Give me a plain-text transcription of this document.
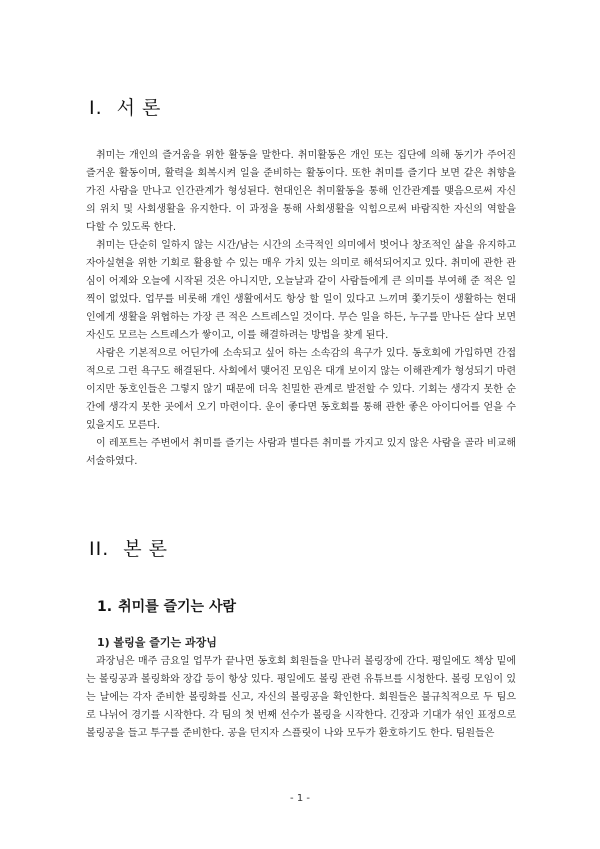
I. 서 론

취미는 개인의 즐거움을 위한 활동을 말한다. 취미활동은 개인 또는 집단에 의해 동기가 주어진 즐거운 활동이며, 활력을 회복시켜 일을 준비하는 활동이다. 또한 취미를 즐기다 보면 같은 취향을 가진 사람을 만나고 인간관계가 형성된다. 현대인은 취미활동을 통해 인간관계를 맺음으로써 자신의 위치 및 사회생활을 유지한다. 이 과정을 통해 사회생활을 익힘으로써 바람직한 자신의 역할을 다할 수 있도록 한다.

취미는 단순히 일하지 않는 시간/남는 시간의 소극적인 의미에서 벗어나 창조적인 삶을 유지하고 자아실현을 위한 기회로 활용할 수 있는 매우 가치 있는 의미로 해석되어지고 있다. 취미에 관한 관심이 어제와 오늘에 시작된 것은 아니지만, 오늘날과 같이 사람들에게 큰 의미를 부여해 준 적은 일찍이 없었다. 업무를 비롯해 개인 생활에서도 항상 할 일이 있다고 느끼며 쫓기듯이 생활하는 현대인에게 생활을 위협하는 가장 큰 적은 스트레스일 것이다. 무슨 일을 하든, 누구를 만나든 살다 보면 자신도 모르는 스트레스가 쌓이고, 이를 해결하려는 방법을 찾게 된다.

사람은 기본적으로 어딘가에 소속되고 싶어 하는 소속감의 욕구가 있다. 동호회에 가입하면 간접적으로 그런 욕구도 해결된다. 사회에서 맺어진 모임은 대개 보이지 않는 이해관계가 형성되기 마련이지만 동호인들은 그렇지 않기 때문에 더욱 친밀한 관계로 발전할 수 있다. 기회는 생각지 못한 순간에 생각지 못한 곳에서 오기 마련이다. 운이 좋다면 동호회를 통해 관한 좋은 아이디어를 얻을 수 있을지도 모른다.

이 레포트는 주변에서 취미를 즐기는 사람과 별다른 취미를 가지고 있지 않은 사람을 골라 비교해 서술하였다.

II. 본 론
1. 취미를 즐기는 사람
1) 볼링을 즐기는 과장님

과장님은 매주 금요일 업무가 끝나면 동호회 회원들을 만나러 볼링장에 간다. 평일에도 책상 밑에는 볼링공과 볼링화와 장갑 등이 항상 있다. 평일에도 볼링 관련 유튜브를 시청한다. 볼링 모임이 있는 날에는 각자 준비한 볼링화를 신고, 자신의 볼링공을 확인한다. 회원들은 불규칙적으로 두 팀으로 나뉘어 경기를 시작한다. 각 팀의 첫 번째 선수가 볼링을 시작한다. 긴장과 기대가 섞인 표정으로 볼링공을 들고 투구를 준비한다. 공을 던지자 스플릿이 나와 모두가 환호하기도 한다. 팀원들은

- 1 -
